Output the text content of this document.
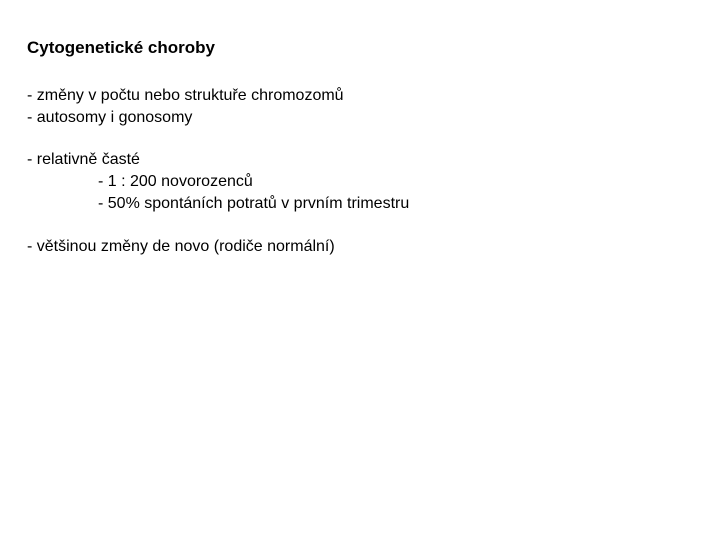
Cytogenetické choroby
- změny v počtu nebo struktuře chromozomů
- autosomy i gonosomy
- relativně časté
- 1 : 200 novorozenců
- 50% spontáních potratů v prvním trimestru
- většinou změny de novo (rodiče normální)
